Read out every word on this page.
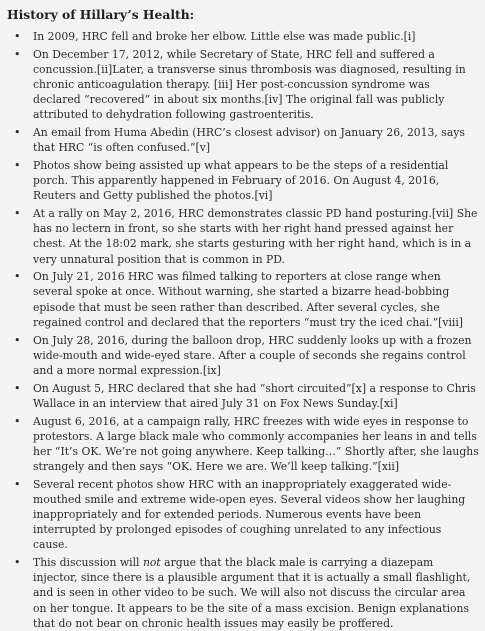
History of Hillary’s Health:
• In 2009, HRC fell and broke her elbow. Little else was made public.[i]
• On December 17, 2012, while Secretary of State, HRC fell and suffered a concussion.[ii]Later, a transverse sinus thrombosis was diagnosed, resulting in chronic anticoagulation therapy. [iii] Her post-concussion syndrome was declared “recovered” in about six months.[iv] The original fall was publicly attributed to dehydration following gastroenteritis.
• An email from Huma Abedin (HRC’s closest advisor) on January 26, 2013, says that HRC “is often confused.”[v]
• Photos show being assisted up what appears to be the steps of a residential porch. This apparently happened in February of 2016. On August 4, 2016, Reuters and Getty published the photos.[vi]
• At a rally on May 2, 2016, HRC demonstrates classic PD hand posturing.[vii] She has no lectern in front, so she starts with her right hand pressed against her chest. At the 18:02 mark, she starts gesturing with her right hand, which is in a very unnatural position that is common in PD.
• On July 21, 2016 HRC was filmed talking to reporters at close range when several spoke at once. Without warning, she started a bizarre head-bobbing episode that must be seen rather than described. After several cycles, she regained control and declared that the reporters “must try the iced chai.”[viii]
• On July 28, 2016, during the balloon drop, HRC suddenly looks up with a frozen wide-mouth and wide-eyed stare. After a couple of seconds she regains control and a more normal expression.[ix]
• On August 5, HRC declared that she had “short circuited”[x] a response to Chris Wallace in an interview that aired July 31 on Fox News Sunday.[xi]
• August 6, 2016, at a campaign rally, HRC freezes with wide eyes in response to protestors. A large black male who commonly accompanies her leans in and tells her “It’s OK. We’re not going anywhere. Keep talking…” Shortly after, she laughs strangely and then says “OK. Here we are. We’ll keep talking.”[xii]
• Several recent photos show HRC with an inappropriately exaggerated wide-mouthed smile and extreme wide-open eyes. Several videos show her laughing inappropriately and for extended periods. Numerous events have been interrupted by prolonged episodes of coughing unrelated to any infectious cause.
• This discussion will not argue that the black male is carrying a diazepam injector, since there is a plausible argument that it is actually a small flashlight, and is seen in other video to be such. We will also not discuss the circular area on her tongue. It appears to be the site of a mass excision. Benign explanations that do not bear on chronic health issues may easily be proffered.
